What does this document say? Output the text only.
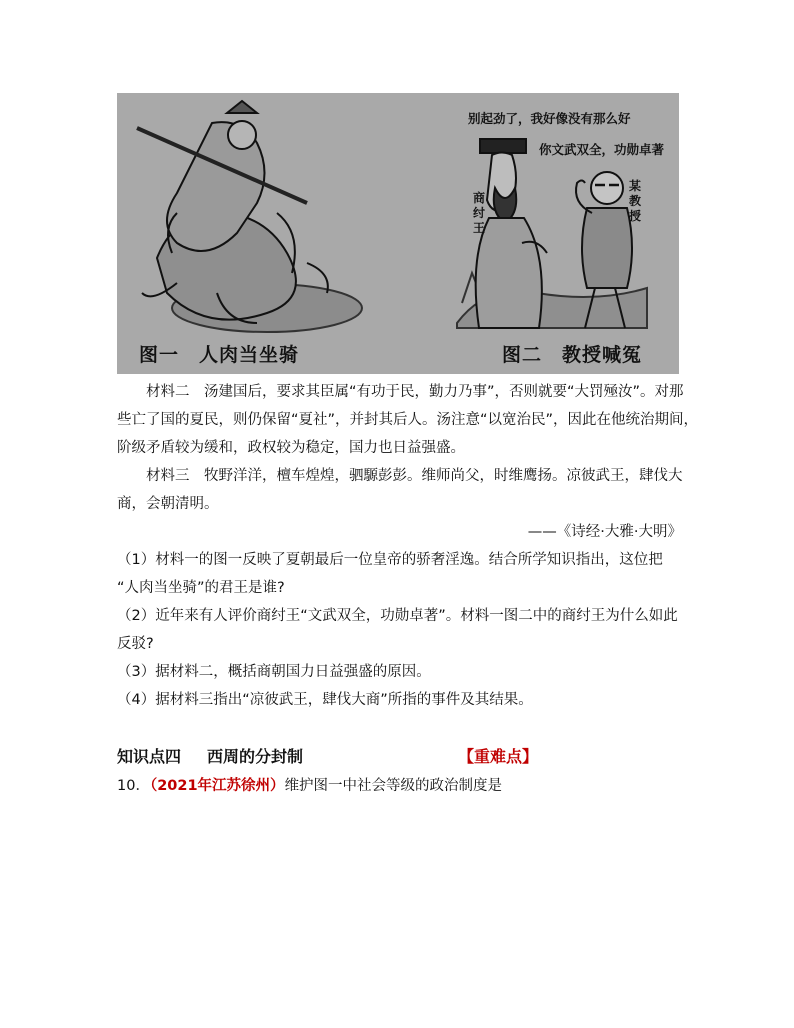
别起劲了，我好像没有那么好
你文武双全，功勋卓著
商纣王
某教授
图一　人肉当坐骑	图二　教授喊冤

材料二　汤建国后，要求其臣属“有功于民，勤力乃事”，否则就要“大罚殛汝”。对那

些亡了国的夏民，则仍保留“夏社”，并封其后人。汤注意“以宽治民”，因此在他统治期间，

阶级矛盾较为缓和，政权较为稳定，国力也日益强盛。

材料三　牧野洋洋，檀车煌煌，驷騵彭彭。维师尚父，时维鹰扬。凉彼武王，肆伐大

商，会朝清明。

——《诗经·大雅·大明》

（1）材料一的图一反映了夏朝最后一位皇帝的骄奢淫逸。结合所学知识指出，这位把

“人肉当坐骑”的君王是谁?

（2）近年来有人评价商纣王“文武双全，功勋卓著”。材料一图二中的商纣王为什么如此

反驳?

（3）据材料二，概括商朝国力日益强盛的原因。

（4）据材料三指出“凉彼武王，肆伐大商”所指的事件及其结果。

知识点四 西周的分封制	【重难点】
10．（2021年江苏徐州）维护图一中社会等级的政治制度是
